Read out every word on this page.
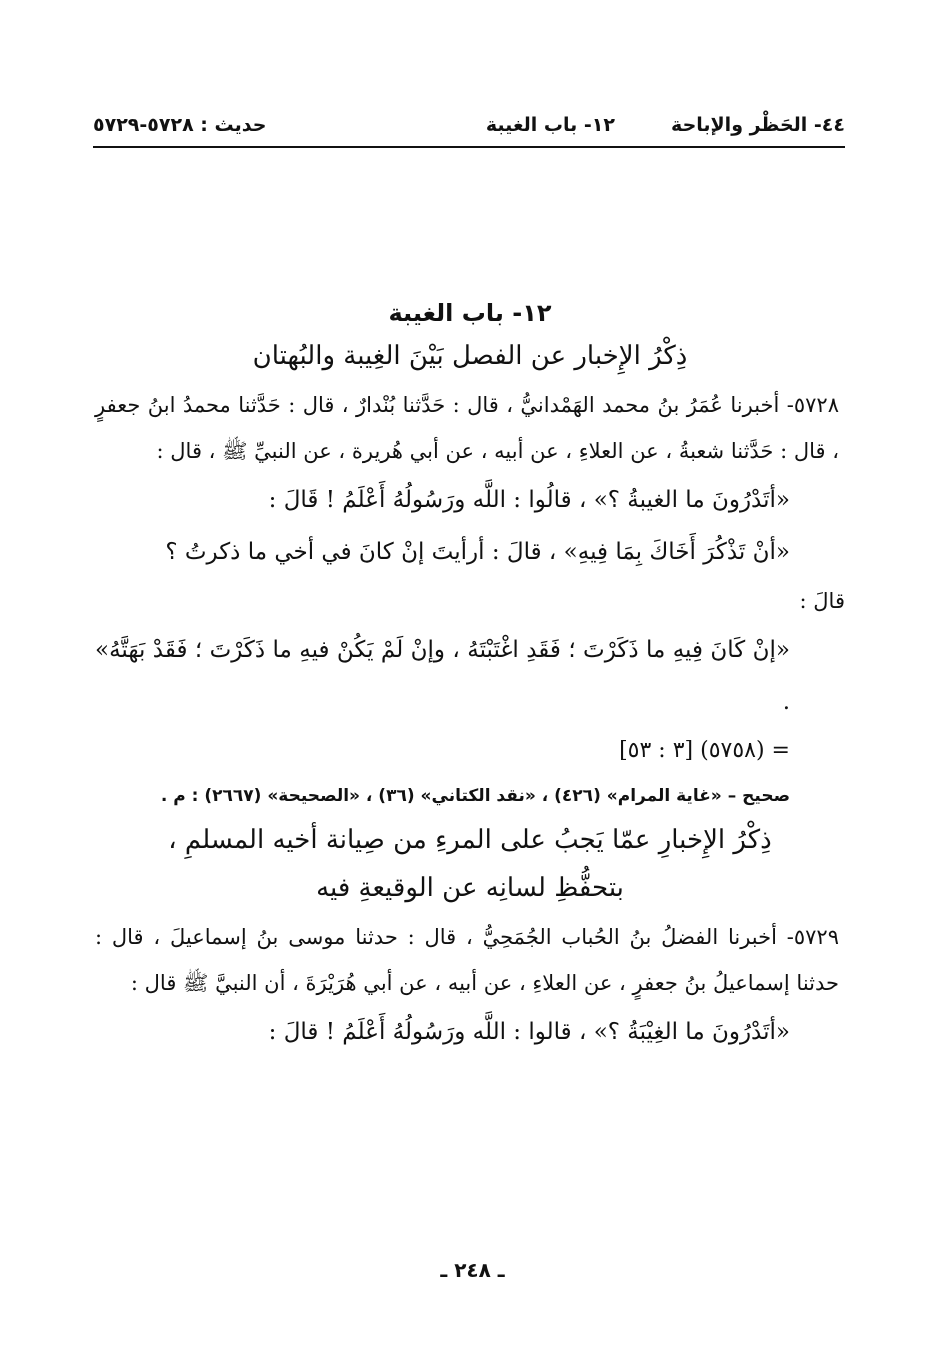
٤٤- الحَظْر والإباحة
١٢- باب الغيبة
حديث : ٥٧٢٨-٥٧٢٩
١٢- باب الغيبة
ذِكْرُ الإِخبار عن الفصل بَيْنَ الغِيبة والبُهتان
٥٧٢٨- أخبرنا عُمَرُ بنُ محمد الهَمْدانيُّ ، قال : حَدَّثنا بُنْدارٌ ، قال : حَدَّثنا محمدُ ابنُ جعفرٍ ، قال : حَدَّثنا شعبةُ ، عن العلاءِ ، عن أبيه ، عن أبي هُريرة ، عن النبيِّ ﷺ ، قال :
«أتَدْرُونَ ما الغيبةُ ؟» ، قالُوا : اللَّه ورَسُولُهُ أَعْلَمُ ! قَالَ :
«أنْ تَذْكُرَ أَخَاكَ بِمَا فِيهِ» ، قالَ : أرأيتَ إنْ كانَ في أخي ما ذكرتُ ؟
قالَ :
«إنْ كَانَ فِيهِ ما ذَكَرْتَ ؛ فَقَدِ اغْتَبْتَهُ ، وإنْ لَمْ يَكُنْ فيهِ ما ذَكَرْتَ ؛ فَقَدْ بَهَتَّهُ» .
= (٥٧٥٨) [٣ : ٥٣]
صحيح – «غاية المرام» (٤٢٦) ، «نقد الكتاني» (٣٦) ، «الصحيحة» (٢٦٦٧) : م .
ذِكْرُ الإِخبارِ عمّا يَجبُ على المرءِ من صِيانة أخيه المسلمِ ،
بتحفُّظِ لسانِه عن الوقيعةِ فيه
٥٧٢٩- أخبرنا الفضلُ بنُ الحُباب الجُمَحِيُّ ، قال : حدثنا موسى بنُ إسماعيلَ ، قال : حدثنا إسماعيلُ بنُ جعفرٍ ، عن العلاءِ ، عن أبيه ، عن أبي هُرَيْرَةَ ، أن النبيَّ ﷺ قال :
«أتَدْرُونَ ما الغِيْبَةُ ؟» ، قالوا : اللَّه ورَسُولُهُ أَعْلَمُ ! قالَ :
ـ ٢٤٨ ـ
